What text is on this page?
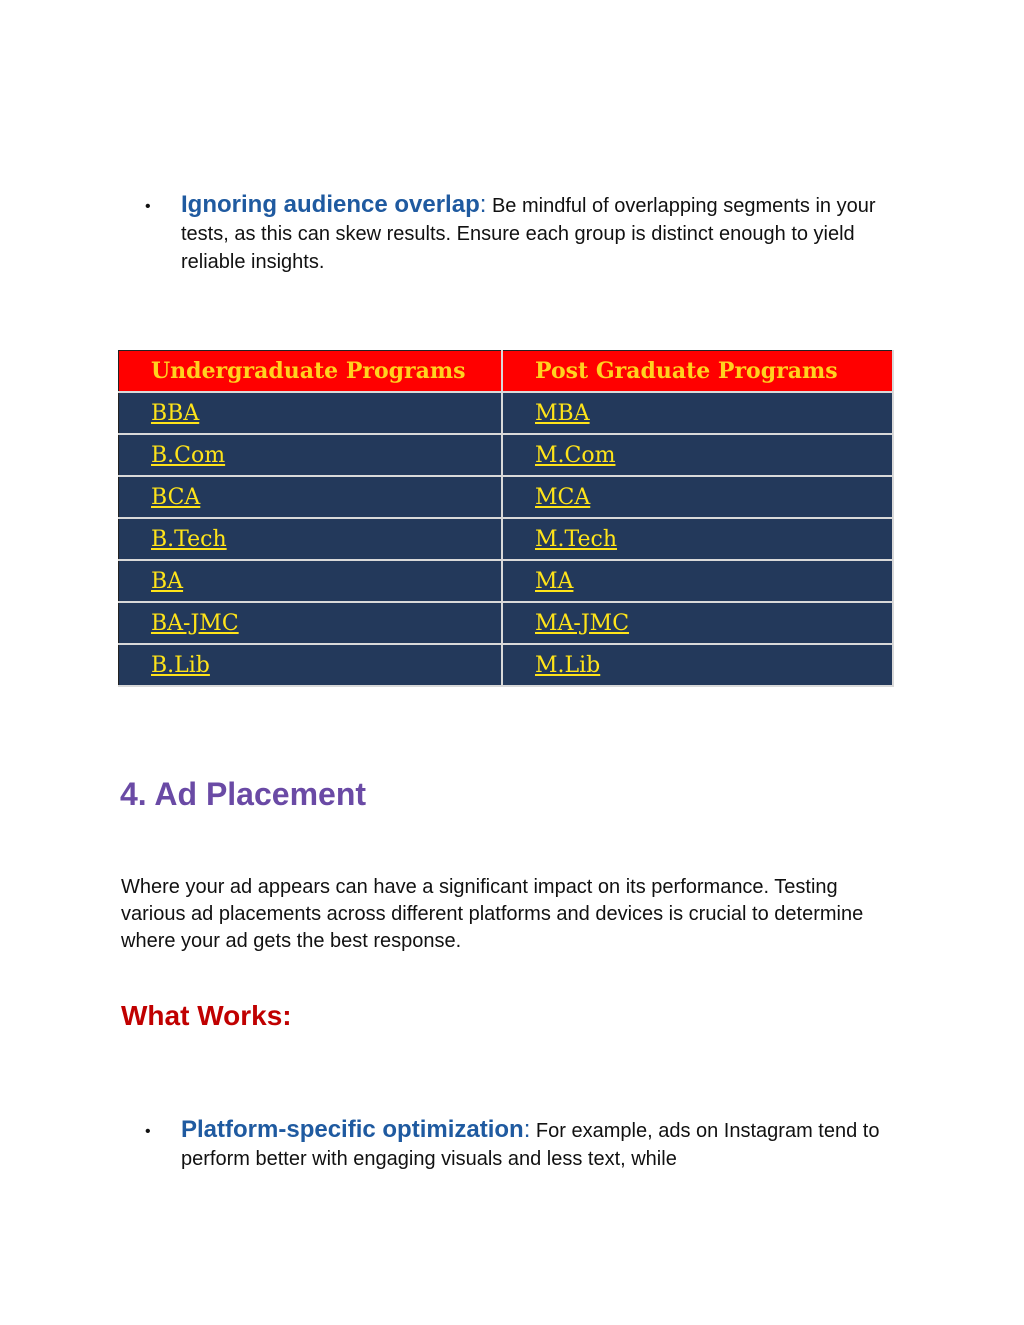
• Ignoring audience overlap: Be mindful of overlapping segments in your tests, as this can skew results. Ensure each group is distinct enough to yield reliable insights.
Undergraduate Programs	Post Graduate Programs
BBA	MBA
B.Com	M.Com
BCA	MCA
B.Tech	M.Tech
BA	MA
BA-JMC	MA-JMC
B.Lib	M.Lib
4. Ad Placement

Where your ad appears can have a significant impact on its performance. Testing various ad placements across different platforms and devices is crucial to determine where your ad gets the best response.

What Works:
• Platform-specific optimization: For example, ads on Instagram tend to perform better with engaging visuals and less text, while
